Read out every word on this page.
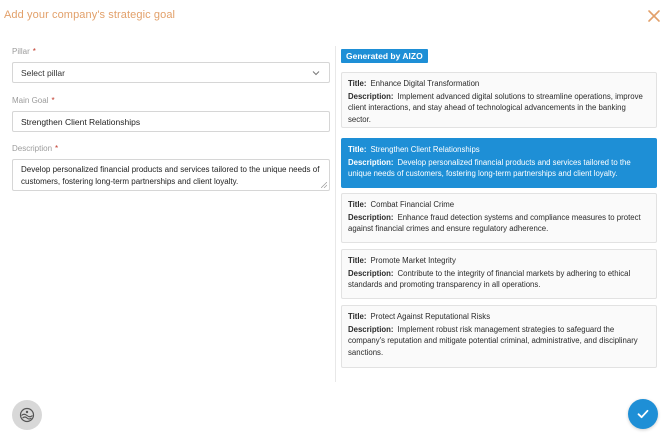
Add your company's strategic goal
Pillar *
Select pillar
Main Goal *
Strengthen Client Relationships
Description *
Develop personalized financial products and services tailored to the unique needs of customers, fostering long-term partnerships and client loyalty.
Generated by AIZO
Title: Enhance Digital Transformation
Description: Implement advanced digital solutions to streamline operations, improve client interactions, and stay ahead of technological advancements in the banking sector.
Title: Strengthen Client Relationships
Description: Develop personalized financial products and services tailored to the unique needs of customers, fostering long-term partnerships and client loyalty.
Title: Combat Financial Crime
Description: Enhance fraud detection systems and compliance measures to protect against financial crimes and ensure regulatory adherence.
Title: Promote Market Integrity
Description: Contribute to the integrity of financial markets by adhering to ethical standards and promoting transparency in all operations.
Title: Protect Against Reputational Risks
Description: Implement robust risk management strategies to safeguard the company's reputation and mitigate potential criminal, administrative, and disciplinary sanctions.
